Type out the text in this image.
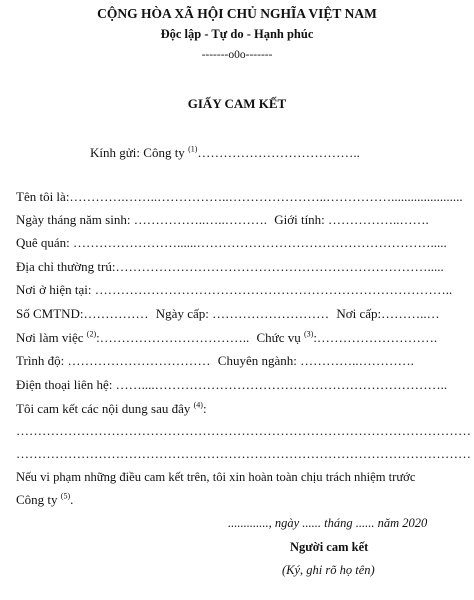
CỘNG HÒA XÃ HỘI CHỦ NGHĨA VIỆT NAM
Độc lập - Tự do - Hạnh phúc
-------o0o-------
GIẤY CAM KẾT
Kính gửi: Công ty $^{(1)}$………………………………..
Tên tôi là:………….……..……………..…………………..……………......................
Ngày tháng năm sinh: ……………..…..………. Giới tính: ……………..…….
Quê quán: ……………………......……………………………………………….....
Địa chỉ thường trú:……………………………………………………………….....
Nơi ở hiện tại: ………………………………………………………………………..
Số CMTND:…………… Ngày cấp: ……………………… Nơi cấp:………..…
Nơi làm việc $^{(2)}$:…………………………….. Chức vụ $^{(3)}$:……………………….
Trình độ: …………………………… Chuyên ngành: …………..………….
Điện thoại liên hệ: ……....…………………………………………………………..
Tôi cam kết các nội dung sau đây $^{(4)}$:
……………………………………………………………………………………………
……………………………………………………………………………………………
Nếu vi phạm những điều cam kết trên, tôi xin hoàn toàn chịu trách nhiệm trước
Công ty $^{(5)}$.
............., ngày ...... tháng ...... năm 2020
Người cam kết
(Ký, ghi rõ họ tên)
